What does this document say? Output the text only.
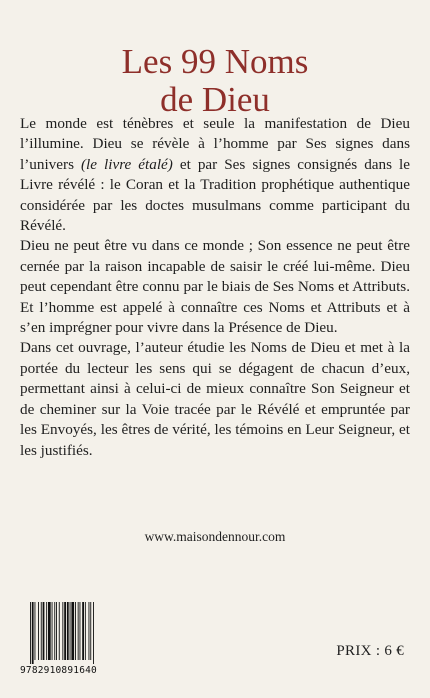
Les 99 Noms
de Dieu

Le monde est ténèbres et seule la manifestation de Dieu l’illumine. Dieu se révèle à l’homme par Ses signes dans l’univers (le livre étalé) et par Ses signes consignés dans le Livre révélé : le Coran et la Tradition prophétique authentique considérée par les doctes musulmans comme participant du Révélé.

Dieu ne peut être vu dans ce monde ; Son essence ne peut être cernée par la raison incapable de saisir le créé lui-même. Dieu peut cependant être connu par le biais de Ses Noms et Attributs. Et l’homme est appelé à connaître ces Noms et Attributs et à s’en imprégner pour vivre dans la Présence de Dieu.

Dans cet ouvrage, l’auteur étudie les Noms de Dieu et met à la portée du lecteur les sens qui se dégagent de chacun d’eux, permettant ainsi à celui-ci de mieux connaître Son Seigneur et de cheminer sur la Voie tracée par le Révélé et empruntée par les Envoyés, les êtres de vérité, les témoins en Leur Seigneur, et les justifiés.

www.maisondennour.com
9782910891640
PRIX : 6 €
